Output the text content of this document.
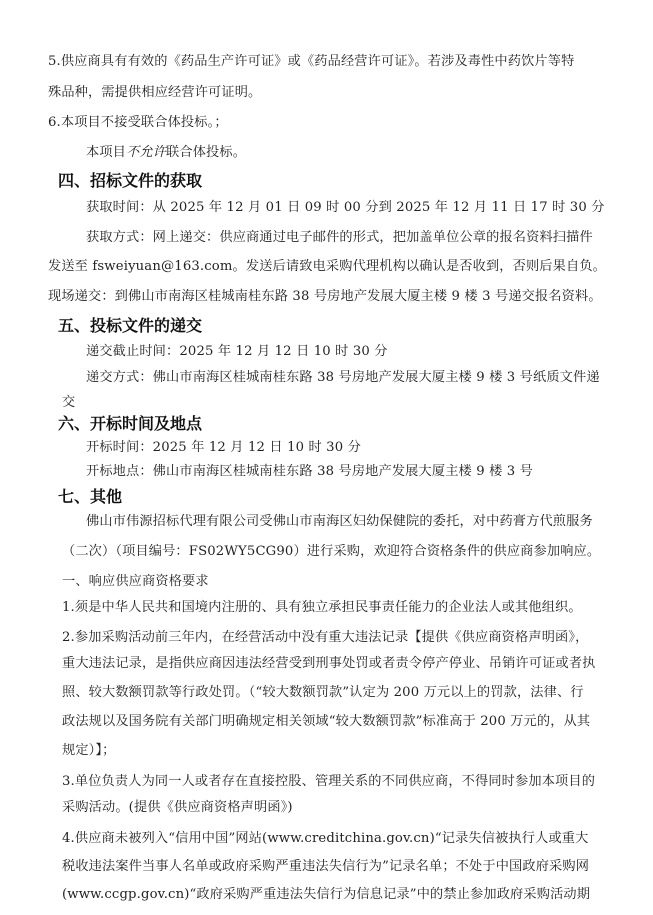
5.供应商具有有效的《药品生产许可证》或《药品经营许可证》。若涉及毒性中药饮片等特
殊品种，需提供相应经营许可证明。
6.本项目不接受联合体投标。；
本项目不允许联合体投标。
四、招标文件的获取
获取时间：从 2025 年 12 月 01 日 09 时 00 分到 2025 年 12 月 11 日 17 时 30 分
获取方式：网上递交：供应商通过电子邮件的形式，把加盖单位公章的报名资料扫描件
发送至 fsweiyuan@163.com。发送后请致电采购代理机构以确认是否收到，否则后果自负。
现场递交：到佛山市南海区桂城南桂东路 38 号房地产发展大厦主楼 9 楼 3 号递交报名资料。
五、投标文件的递交
递交截止时间：2025 年 12 月 12 日 10 时 30 分
递交方式：佛山市南海区桂城南桂东路 38 号房地产发展大厦主楼 9 楼 3 号纸质文件递
交
六、开标时间及地点
开标时间：2025 年 12 月 12 日 10 时 30 分
开标地点：佛山市南海区桂城南桂东路 38 号房地产发展大厦主楼 9 楼 3 号
七、其他
佛山市伟源招标代理有限公司受佛山市南海区妇幼保健院的委托，对中药膏方代煎服务
（二次）（项目编号：FS02WY5CG90）进行采购，欢迎符合资格条件的供应商参加响应。
一、响应供应商资格要求
1.须是中华人民共和国境内注册的、具有独立承担民事责任能力的企业法人或其他组织。
2.参加采购活动前三年内，在经营活动中没有重大违法记录【提供《供应商资格声明函》，
重大违法记录，是指供应商因违法经营受到刑事处罚或者责令停产停业、吊销许可证或者执
照、较大数额罚款等行政处罚。（“较大数额罚款”认定为 200 万元以上的罚款，法律、行
政法规以及国务院有关部门明确规定相关领域“较大数额罚款”标准高于 200 万元的，从其
规定）】；
3.单位负责人为同一人或者存在直接控股、管理关系的不同供应商，不得同时参加本项目的
采购活动。(提供《供应商资格声明函》)
4.供应商未被列入“信用中国”网站(www.creditchina.gov.cn)“记录失信被执行人或重大
税收违法案件当事人名单或政府采购严重违法失信行为”记录名单；不处于中国政府采购网
(www.ccgp.gov.cn)“政府采购严重违法失信行为信息记录”中的禁止参加政府采购活动期
